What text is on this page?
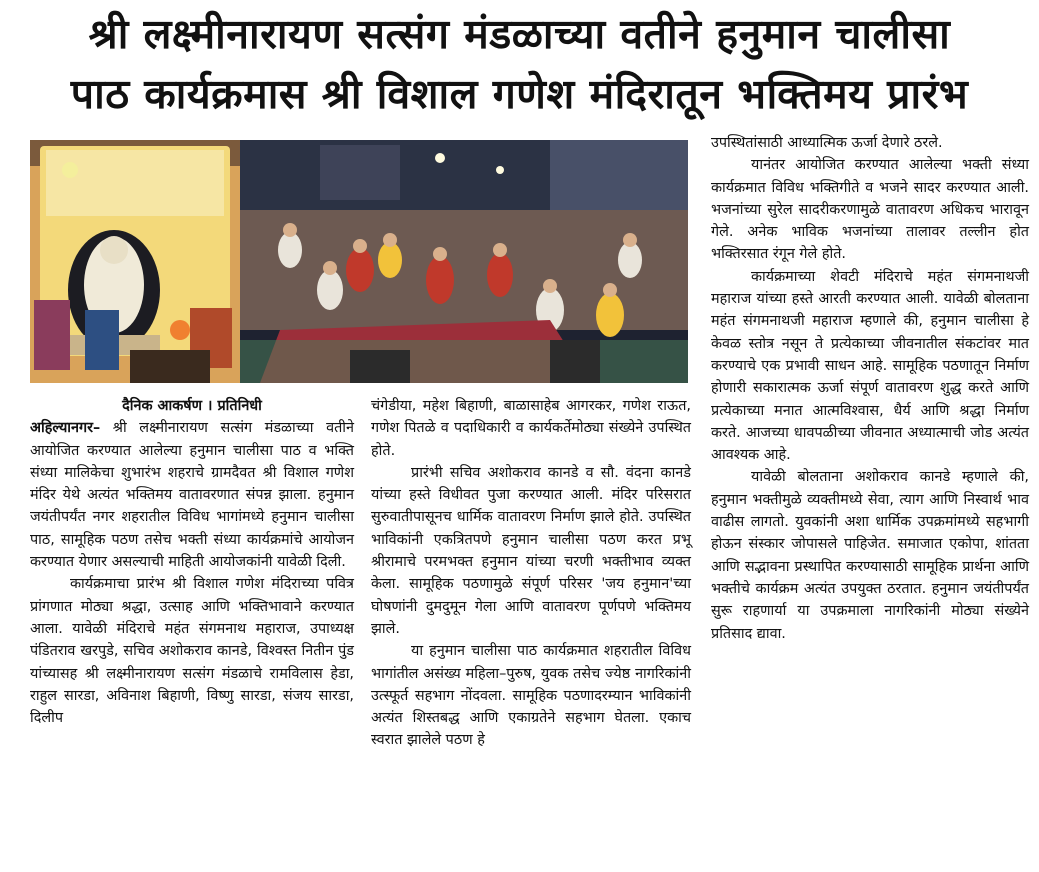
श्री लक्ष्मीनारायण सत्संग मंडळाच्या वतीने हनुमान चालीसा
पाठ कार्यक्रमास श्री विशाल गणेश मंदिरातून भक्तिमय प्रारंभ

दैनिक आकर्षण । प्रतिनिधी

अहिल्यानगर– श्री लक्ष्मीनारायण सत्संग मंडळाच्या वतीने आयोजित करण्यात आलेल्या हनुमान चालीसा पाठ व भक्ति संध्या मालिकेचा शुभारंभ शहराचे ग्रामदैवत श्री विशाल गणेश मंदिर येथे अत्यंत भक्तिमय वातावरणात संपन्न झाला. हनुमान जयंतीपर्यंत नगर शहरातील विविध भागांमध्ये हनुमान चालीसा पाठ, सामूहिक पठण तसेच भक्ती संध्या कार्यक्रमांचे आयोजन करण्यात येणार असल्याची माहिती आयोजकांनी यावेळी दिली.

कार्यक्रमाचा प्रारंभ श्री विशाल गणेश मंदिराच्या पवित्र प्रांगणात मोठ्या श्रद्धा, उत्साह आणि भक्तिभावाने करण्यात आला. यावेळी मंदिराचे महंत संगमनाथ महाराज, उपाध्यक्ष पंडितराव खरपुडे, सचिव अशोकराव कानडे, विश्वस्त नितीन पुंड यांच्यासह श्री लक्ष्मीनारायण सत्संग मंडळाचे रामविलास हेडा, राहुल सारडा, अविनाश बिहाणी, विष्णु सारडा, संजय सारडा, दिलीप

चंगेडीया, महेश बिहाणी, बाळासाहेब आगरकर, गणेश राऊत, गणेश पितळे व पदाधिकारी व कार्यकर्तेमोठ्या संख्येने उपस्थित होते.

प्रारंभी सचिव अशोकराव कानडे व सौ. वंदना कानडे यांच्या हस्ते विधीवत पुजा करण्यात आली. मंदिर परिसरात सुरुवातीपासूनच धार्मिक वातावरण निर्माण झाले होते. उपस्थित भाविकांनी एकत्रितपणे हनुमान चालीसा पठण करत प्रभू श्रीरामाचे परमभक्त हनुमान यांच्या चरणी भक्तीभाव व्यक्त केला. सामूहिक पठणामुळे संपूर्ण परिसर 'जय हनुमान'च्या घोषणांनी दुमदुमून गेला आणि वातावरण पूर्णपणे भक्तिमय झाले.

या हनुमान चालीसा पाठ कार्यक्रमात शहरातील विविध भागांतील असंख्य महिला–पुरुष, युवक तसेच ज्येष्ठ नागरिकांनी उत्स्फूर्त सहभाग नोंदवला. सामूहिक पठणादरम्यान भाविकांनी अत्यंत शिस्तबद्ध आणि एकाग्रतेने सहभाग घेतला. एकाच स्वरात झालेले पठण हे

उपस्थितांसाठी आध्यात्मिक ऊर्जा देणारे ठरले.

यानंतर आयोजित करण्यात आलेल्या भक्ती संध्या कार्यक्रमात विविध भक्तिगीते व भजने सादर करण्यात आली. भजनांच्या सुरेल सादरीकरणामुळे वातावरण अधिकच भारावून गेले. अनेक भाविक भजनांच्या तालावर तल्लीन होत भक्तिरसात रंगून गेले होते.

कार्यक्रमाच्या शेवटी मंदिराचे महंत संगमनाथजी महाराज यांच्या हस्ते आरती करण्यात आली. यावेळी बोलताना महंत संगमनाथजी महाराज म्हणाले की, हनुमान चालीसा हे केवळ स्तोत्र नसून ते प्रत्येकाच्या जीवनातील संकटांवर मात करण्याचे एक प्रभावी साधन आहे. सामूहिक पठणातून निर्माण होणारी सकारात्मक ऊर्जा संपूर्ण वातावरण शुद्ध करते आणि प्रत्येकाच्या मनात आत्मविश्वास, धैर्य आणि श्रद्धा निर्माण करते. आजच्या धावपळीच्या जीवनात अध्यात्माची जोड अत्यंत आवश्यक आहे.

यावेळी बोलताना अशोकराव कानडे म्हणाले की, हनुमान भक्तीमुळे व्यक्तीमध्ये सेवा, त्याग आणि निस्वार्थ भाव वाढीस लागतो. युवकांनी अशा धार्मिक उपक्रमांमध्ये सहभागी होऊन संस्कार जोपासले पाहिजेत. समाजात एकोपा, शांतता आणि सद्भावना प्रस्थापित करण्यासाठी सामूहिक प्रार्थना आणि भक्तीचे कार्यक्रम अत्यंत उपयुक्त ठरतात. हनुमान जयंतीपर्यंत सुरू राहणार्या या उपक्रमाला नागरिकांनी मोठ्या संख्येने प्रतिसाद द्यावा.
